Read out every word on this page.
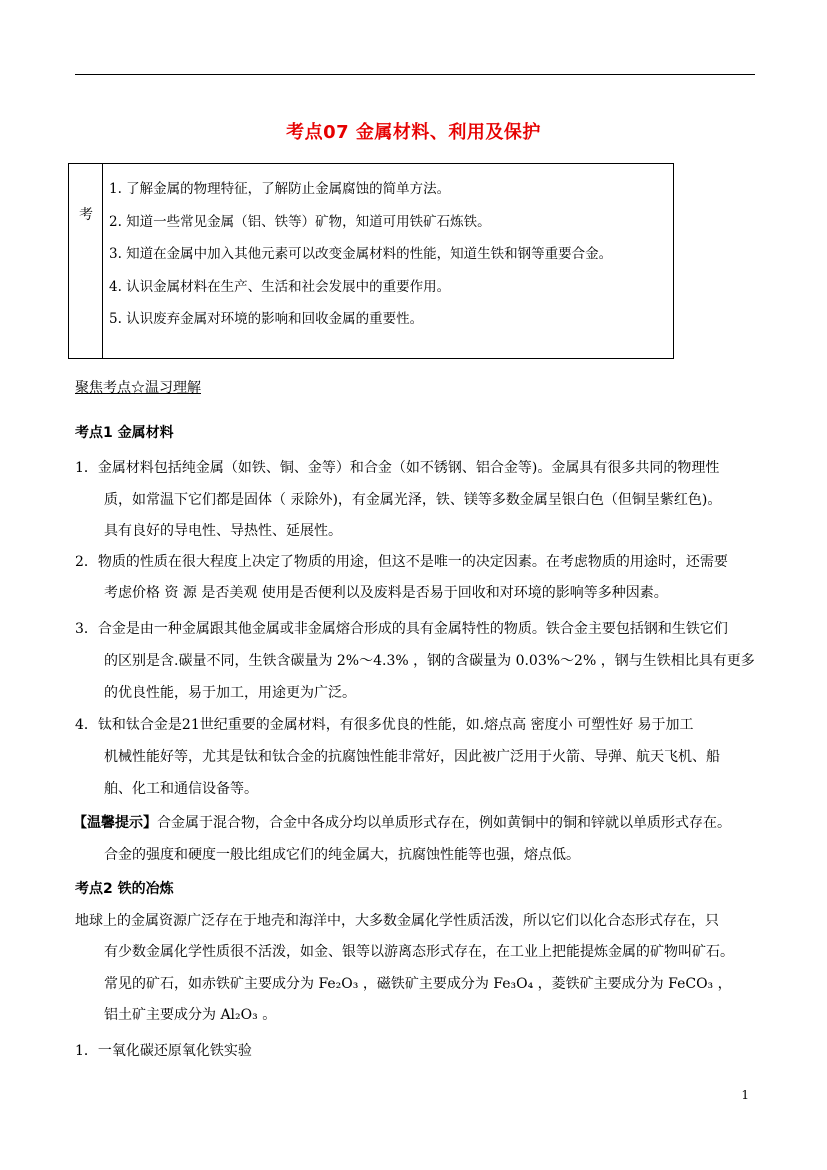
考点07 金属材料、利用及保护
考
1. 了解金属的物理特征，了解防止金属腐蚀的简单方法。
2. 知道一些常见金属（铝、铁等）矿物，知道可用铁矿石炼铁。
3. 知道在金属中加入其他元素可以改变金属材料的性能，知道生铁和钢等重要合金。
4. 认识金属材料在生产、生活和社会发展中的重要作用。
5. 认识废弃金属对环境的影响和回收金属的重要性。
聚焦考点☆温习理解
考点1 金属材料
1．金属材料包括纯金属（如铁、铜、金等）和合金（如不锈钢、铝合金等)。金属具有很多共同的物理性
质，如常温下它们都是固体（ 汞除外)，有金属光泽，铁、镁等多数金属呈银白色（但铜呈紫红色)。
具有良好的导电性、导热性、延展性。
2．物质的性质在很大程度上决定了物质的用途，但这不是唯一的决定因素。在考虑物质的用途时，还需要
考虑价格 资 源 是否美观 使用是否便利以及废料是否易于回收和对环境的影响等多种因素。
3．合金是由一种金属跟其他金属或非金属熔合形成的具有金属特性的物质。铁合金主要包括钢和生铁它们
的区别是含.碳量不同，生铁含碳量为 2%～4.3% ，钢的含碳量为 0.03%～2% ，钢与生铁相比具有更多
的优良性能，易于加工，用途更为广泛。
4．钛和钛合金是21世纪重要的金属材料，有很多优良的性能，如.熔点高 密度小 可塑性好 易于加工
机械性能好等，尤其是钛和钛合金的抗腐蚀性能非常好，因此被广泛用于火箭、导弹、航天飞机、船
舶、化工和通信设备等。
【温馨提示】合金属于混合物，合金中各成分均以单质形式存在，例如黄铜中的铜和锌就以单质形式存在。
合金的强度和硬度一般比组成它们的纯金属大，抗腐蚀性能等也强，熔点低。
考点2 铁的冶炼
地球上的金属资源广泛存在于地壳和海洋中，大多数金属化学性质活泼，所以它们以化合态形式存在，只
有少数金属化学性质很不活泼，如金、银等以游离态形式存在，在工业上把能提炼金属的矿物叫矿石。
常见的矿石，如赤铁矿主要成分为 Fe₂O₃ ，磁铁矿主要成分为 Fe₃O₄ ，菱铁矿主要成分为 FeCO₃ ，
铝土矿主要成分为 Al₂O₃ 。
1．一氧化碳还原氧化铁实验
1
